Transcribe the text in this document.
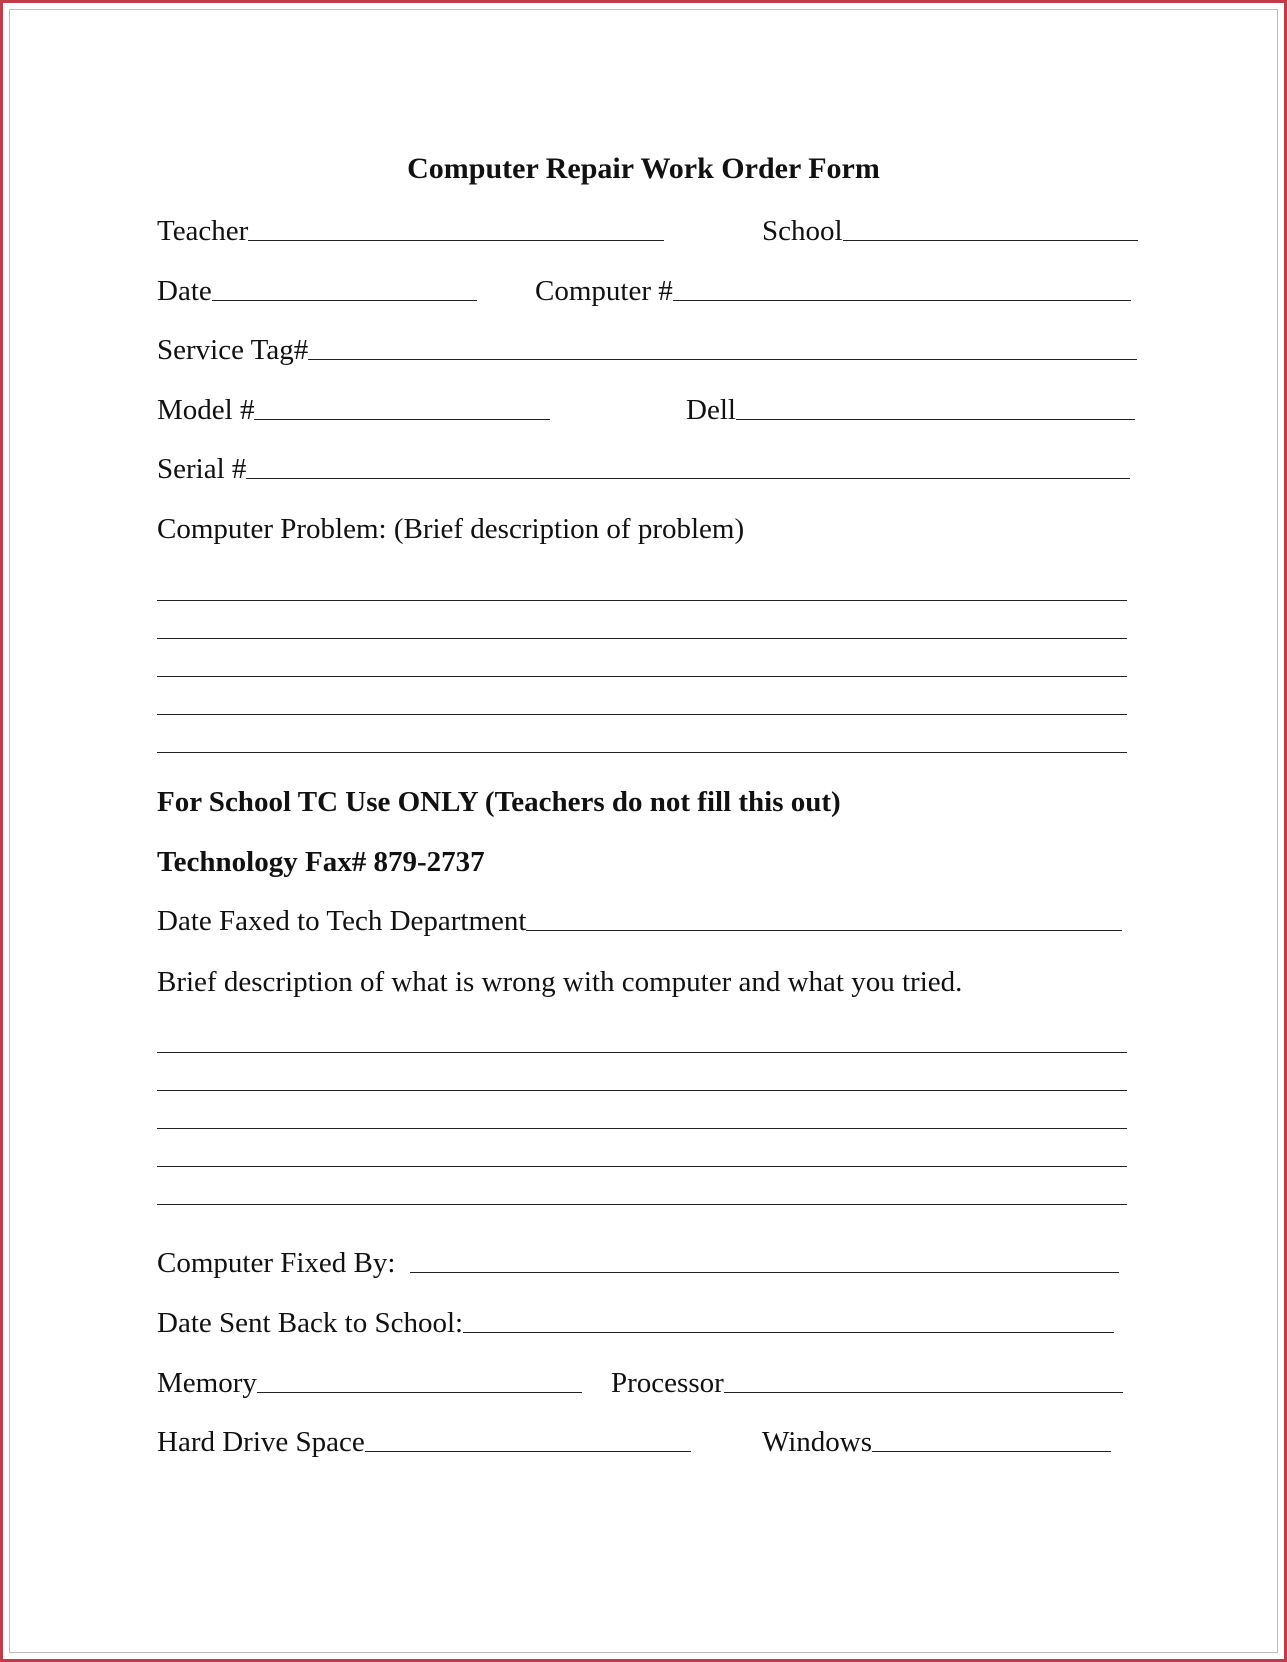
Computer Repair Work Order Form
Teacher	School
Date	Computer #
Service Tag#
Model #	Dell
Serial #
Computer Problem: (Brief description of problem)
For School TC Use ONLY (Teachers do not fill this out)
Technology Fax# 879-2737
Date Faxed to Tech Department
Brief description of what is wrong with computer and what you tried.
Computer Fixed By:
Date Sent Back to School:
Memory	Processor
Hard Drive Space	Windows
